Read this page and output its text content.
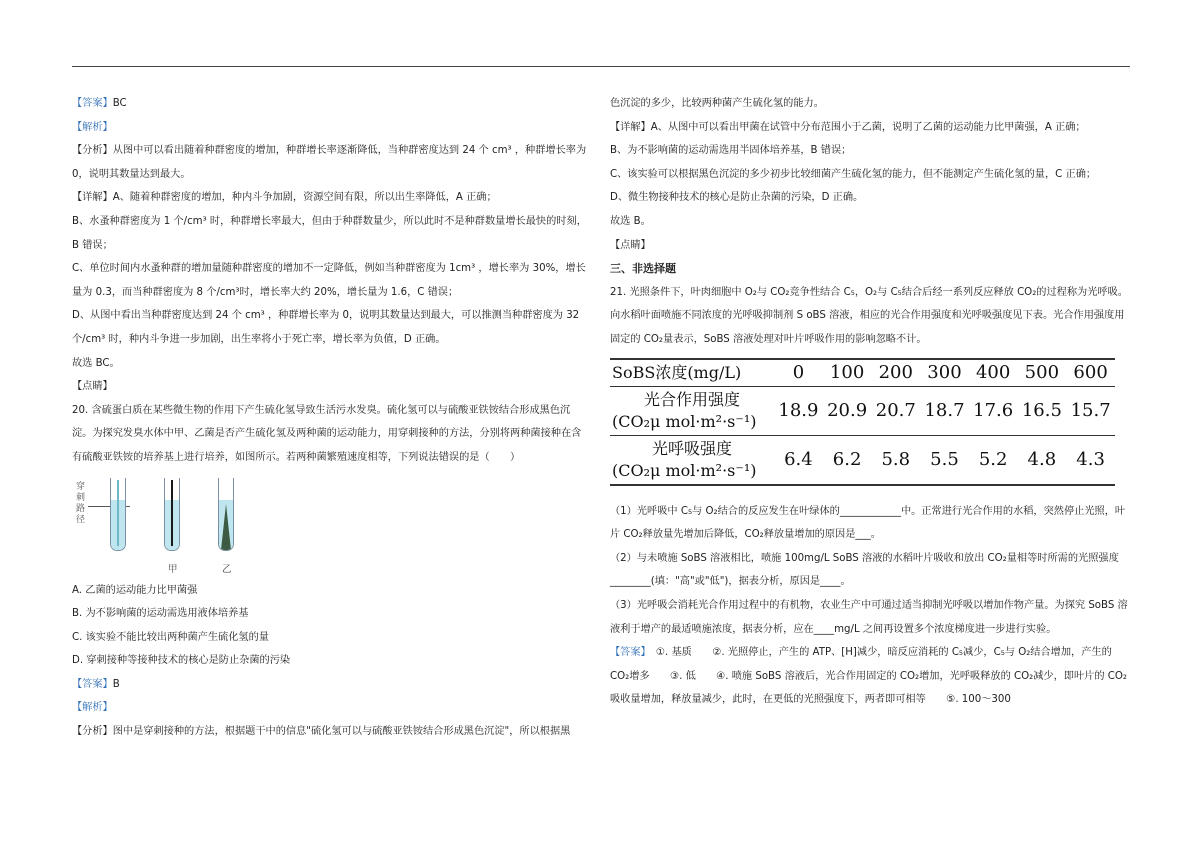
【答案】BC

【解析】

【分析】从图中可以看出随着种群密度的增加，种群增长率逐渐降低，当种群密度达到 24 个 cm³ ，种群增长率为 0，说明其数量达到最大。

【详解】A、随着种群密度的增加，种内斗争加剧，资源空间有限，所以出生率降低，A 正确；

B、水蚤种群密度为 1 个/cm³ 时，种群增长率最大，但由于种群数量少，所以此时不是种群数量增长最快的时刻，B 错误；

C、单位时间内水蚤种群的增加量随种群密度的增加不一定降低，例如当种群密度为 1cm³ ，增长率为 30%，增长量为 0.3，而当种群密度为 8 个/cm³时，增长率大约 20%，增长量为 1.6，C 错误；

D、从图中看出当种群密度达到 24 个 cm³ ，种群增长率为 0，说明其数量达到最大，可以推测当种群密度为 32 个/cm³ 时，种内斗争进一步加剧，出生率将小于死亡率，增长率为负值，D 正确。

故选 BC。

【点睛】

20. 含硫蛋白质在某些微生物的作用下产生硫化氢导致生活污水发臭。硫化氢可以与硫酸亚铁铵结合形成黑色沉淀。为探究发臭水体中甲、乙菌是否产生硫化氢及两种菌的运动能力，用穿刺接种的方法，分别将两种菌接种在含有硫酸亚铁铵的培养基上进行培养，如图所示。若两种菌繁殖速度相等，下列说法错误的是（　　）

穿刺路径
甲	乙

A. 乙菌的运动能力比甲菌强

B. 为不影响菌的运动需选用液体培养基

C. 该实验不能比较出两种菌产生硫化氢的量

D. 穿刺接种等接种技术的核心是防止杂菌的污染

【答案】B

【解析】

【分析】图中是穿刺接种的方法，根据题干中的信息"硫化氢可以与硫酸亚铁铵结合形成黑色沉淀"，所以根据黑

色沉淀的多少，比较两种菌产生硫化氢的能力。

【详解】A、从图中可以看出甲菌在试管中分布范围小于乙菌，说明了乙菌的运动能力比甲菌强，A 正确；

B、为不影响菌的运动需选用半固体培养基，B 错误；

C、该实验可以根据黑色沉淀的多少初步比较细菌产生硫化氢的能力，但不能测定产生硫化氢的量，C 正确；

D、微生物接种技术的核心是防止杂菌的污染，D 正确。

故选 B。

【点睛】

三、非选择题

21. 光照条件下，叶肉细胞中 O₂与 CO₂竞争性结合 C₅，O₂与 C₅结合后经一系列反应释放 CO₂的过程称为光呼吸。向水稻叶面喷施不同浓度的光呼吸抑制剂 S oBS 溶液，相应的光合作用强度和光呼吸强度见下表。光合作用强度用固定的 CO₂量表示，SoBS 溶液处理对叶片呼吸作用的影响忽略不计。

SoBS浓度(mg/L)	0	100	200	300	400	500	600

光合作用强度
(CO₂μ mol·m²·s⁻¹)	18.9	20.9	20.7	18.7	17.6	16.5	15.7

光呼吸强度
(CO₂μ mol·m²·s⁻¹)	6.4	6.2	5.8	5.5	5.2	4.8	4.3

（1）光呼吸中 C₅与 O₂结合的反应发生在叶绿体的____________中。正常进行光合作用的水稻，突然停止光照，叶片 CO₂释放量先增加后降低，CO₂释放量增加的原因是___。

（2）与未喷施 SoBS 溶液相比，喷施 100mg/L SoBS 溶液的水稻叶片吸收和放出 CO₂量相等时所需的光照强度________(填："高"或"低")，据表分析，原因是____。

（3）光呼吸会消耗光合作用过程中的有机物，农业生产中可通过适当抑制光呼吸以增加作物产量。为探究 SoBS 溶液利于增产的最适喷施浓度，据表分析，应在____mg/L 之间再设置多个浓度梯度进一步进行实验。

【答案】　①. 基质　　②. 光照停止，产生的 ATP、[H]减少，暗反应消耗的 C₅减少，C₅与 O₂结合增加，产生的 CO₂增多　　③. 低　　④. 喷施 SoBS 溶液后，光合作用固定的 CO₂增加，光呼吸释放的 CO₂减少，即叶片的 CO₂吸收量增加，释放量减少，此时，在更低的光照强度下，两者即可相等　　⑤. 100～300
